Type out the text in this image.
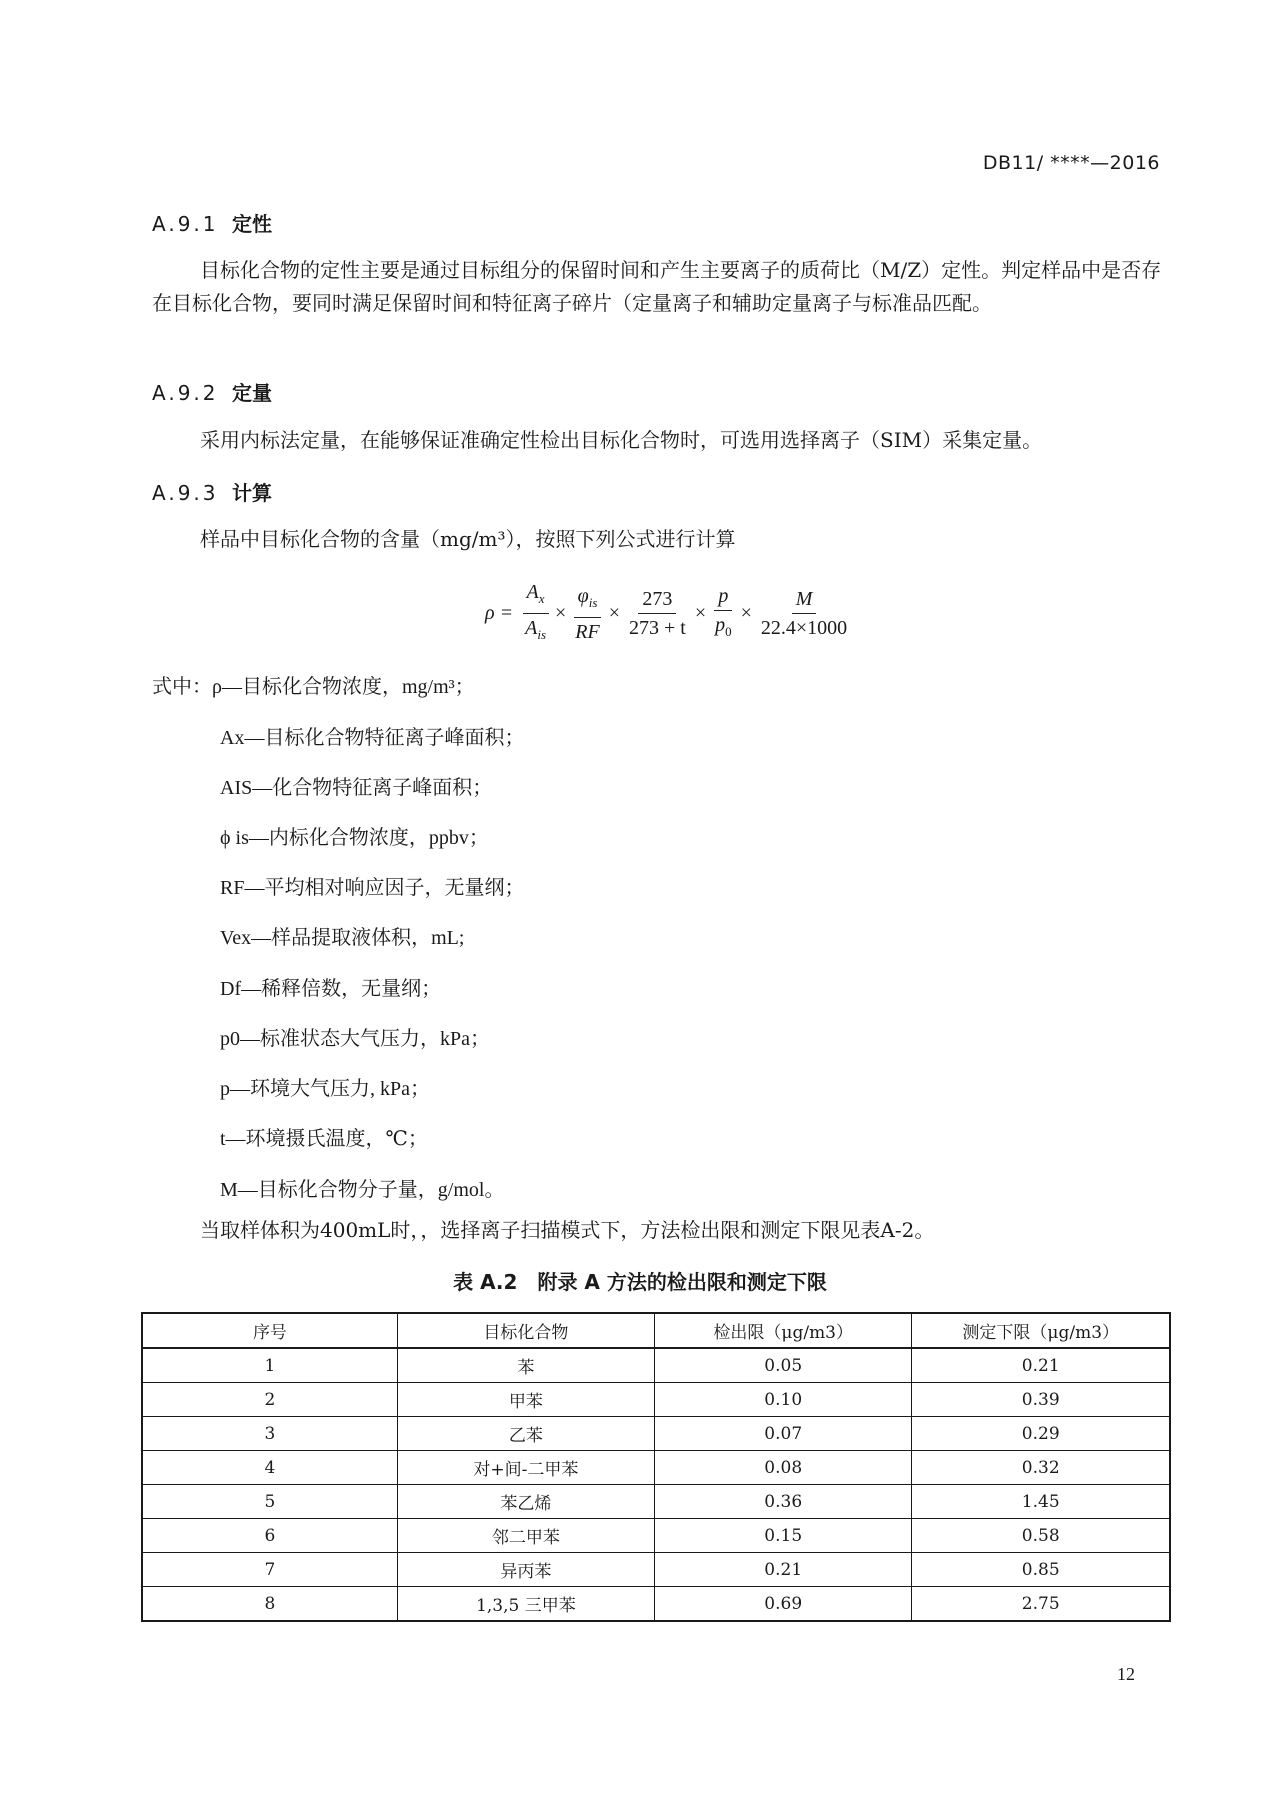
DB11/ ****—2016
A.9.1 定性
目标化合物的定性主要是通过目标组分的保留时间和产生主要离子的质荷比（M/Z）定性。判定样品中是否存在目标化合物，要同时满足保留时间和特征离子碎片（定量离子和辅助定量离子与标准品匹配。
A.9.2 定量
采用内标法定量，在能够保证准确定性检出目标化合物时，可选用选择离子（SIM）采集定量。
A.9.3 计算
样品中目标化合物的含量（mg/m³），按照下列公式进行计算
$\rho = \frac{A_x}{A_{is}} \times \frac{\varphi_{is}}{RF} \times \frac{273}{273 + t} \times \frac{p}{p_0} \times \frac{M}{22.4\times 1000}$
式中：ρ—目标化合物浓度，mg/m³；
Ax—目标化合物特征离子峰面积；
AIS—化合物特征离子峰面积；
ϕ is—内标化合物浓度，ppbv；
RF—平均相对响应因子，无量纲；
Vex—样品提取液体积，mL;
Df—稀释倍数，无量纲；
p0—标准状态大气压力，kPa；
p—环境大气压力, kPa；
t—环境摄氏温度，℃；
M—目标化合物分子量，g/mol。
当取样体积为400mL时，，选择离子扫描模式下，方法检出限和测定下限见表A-2。
表 A.2　附录 A 方法的检出限和测定下限
序号	目标化合物	检出限（μg/m3）	测定下限（μg/m3）
1	苯	0.05	0.21
2	甲苯	0.10	0.39
3	乙苯	0.07	0.29
4	对+间-二甲苯	0.08	0.32
5	苯乙烯	0.36	1.45
6	邻二甲苯	0.15	0.58
7	异丙苯	0.21	0.85
8	1,3,5 三甲苯	0.69	2.75
12
